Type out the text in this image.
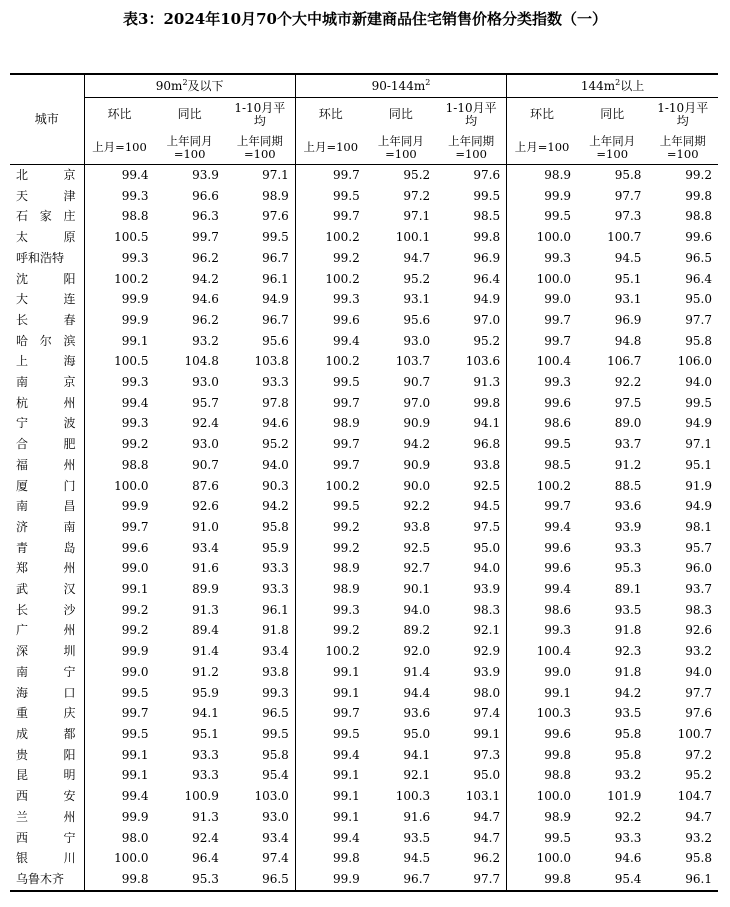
表3：2024年10月70个大中城市新建商品住宅销售价格分类指数（一）
城市	$90m^2$及以下			$90-144m^2$			$144m^2$以上		
	环比	同比	1-10月平均	环比	同比	1-10月平均	环比	同比	1-10月平均
	上月=100	上年同月=100	上年同期=100	上月=100	上年同月=100	上年同期=100	上月=100	上年同月=100	上年同期=100
北京	99.4	93.9	97.1	99.7	95.2	97.6	98.9	95.8	99.2
天津	99.3	96.6	98.9	99.5	97.2	99.5	99.9	97.7	99.8
石家庄	98.8	96.3	97.6	99.7	97.1	98.5	99.5	97.3	98.8
太原	100.5	99.7	99.5	100.2	100.1	99.8	100.0	100.7	99.6
呼和浩特	99.3	96.2	96.7	99.2	94.7	96.9	99.3	94.5	96.5
沈阳	100.2	94.2	96.1	100.2	95.2	96.4	100.0	95.1	96.4
大连	99.9	94.6	94.9	99.3	93.1	94.9	99.0	93.1	95.0
长春	99.9	96.2	96.7	99.6	95.6	97.0	99.7	96.9	97.7
哈尔滨	99.1	93.2	95.6	99.4	93.0	95.2	99.7	94.8	95.8
上海	100.5	104.8	103.8	100.2	103.7	103.6	100.4	106.7	106.0
南京	99.3	93.0	93.3	99.5	90.7	91.3	99.3	92.2	94.0
杭州	99.4	95.7	97.8	99.7	97.0	99.8	99.6	97.5	99.5
宁波	99.3	92.4	94.6	98.9	90.9	94.1	98.6	89.0	94.9
合肥	99.2	93.0	95.2	99.7	94.2	96.8	99.5	93.7	97.1
福州	98.8	90.7	94.0	99.7	90.9	93.8	98.5	91.2	95.1
厦门	100.0	87.6	90.3	100.2	90.0	92.5	100.2	88.5	91.9
南昌	99.9	92.6	94.2	99.5	92.2	94.5	99.7	93.6	94.9
济南	99.7	91.0	95.8	99.2	93.8	97.5	99.4	93.9	98.1
青岛	99.6	93.4	95.9	99.2	92.5	95.0	99.6	93.3	95.7
郑州	99.0	91.6	93.3	98.9	92.7	94.0	99.6	95.3	96.0
武汉	99.1	89.9	93.3	98.9	90.1	93.9	99.4	89.1	93.7
长沙	99.2	91.3	96.1	99.3	94.0	98.3	98.6	93.5	98.3
广州	99.2	89.4	91.8	99.2	89.2	92.1	99.3	91.8	92.6
深圳	99.9	91.4	93.4	100.2	92.0	92.9	100.4	92.3	93.2
南宁	99.0	91.2	93.8	99.1	91.4	93.9	99.0	91.8	94.0
海口	99.5	95.9	99.3	99.1	94.4	98.0	99.1	94.2	97.7
重庆	99.7	94.1	96.5	99.7	93.6	97.4	100.3	93.5	97.6
成都	99.5	95.1	99.5	99.5	95.0	99.1	99.6	95.8	100.7
贵阳	99.1	93.3	95.8	99.4	94.1	97.3	99.8	95.8	97.2
昆明	99.1	93.3	95.4	99.1	92.1	95.0	98.8	93.2	95.2
西安	99.4	100.9	103.0	99.1	100.3	103.1	100.0	101.9	104.7
兰州	99.9	91.3	93.0	99.1	91.6	94.7	98.9	92.2	94.7
西宁	98.0	92.4	93.4	99.4	93.5	94.7	99.5	93.3	93.2
银川	100.0	96.4	97.4	99.8	94.5	96.2	100.0	94.6	95.8
乌鲁木齐	99.8	95.3	96.5	99.9	96.7	97.7	99.8	95.4	96.1
